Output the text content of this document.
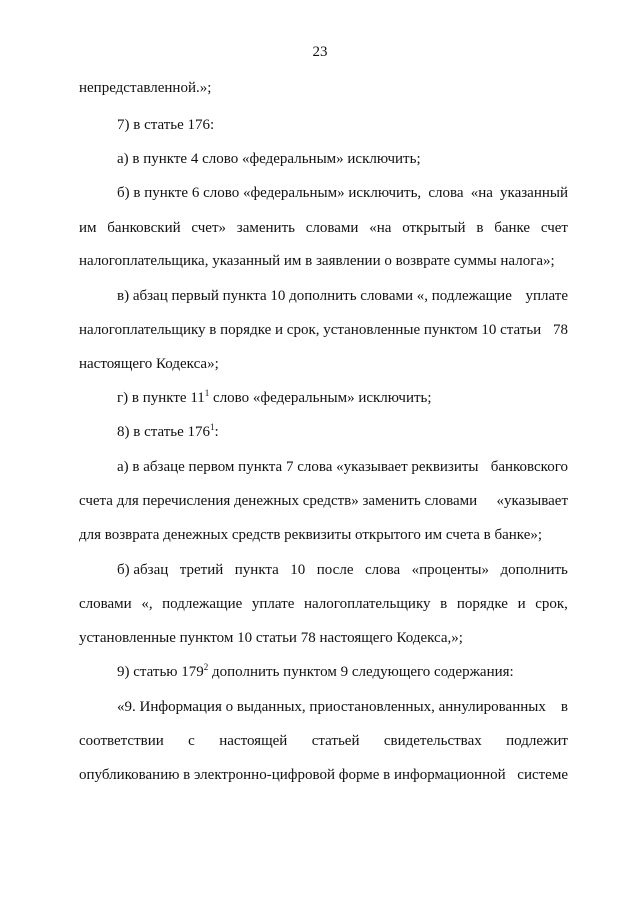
23
непредставленной.»;
7) в статье 176:
а) в пункте 4 слово «федеральным» исключить;
б) в пункте 6 слово «федеральным» исключить, слова «на указанный
им банковский счет» заменить словами «на открытый в банке счет
налогоплательщика, указанный им в заявлении о возврате суммы налога»;
в) абзац первый пункта 10 дополнить словами «, подлежащие уплате
налогоплательщику в порядке и срок, установленные пунктом 10 статьи 78
настоящего Кодекса»;
г) в пункте $11^1$ слово «федеральным» исключить;
8) в статье $176^1$:
а) в абзаце первом пункта 7 слова «указывает реквизиты банковского
счета для перечисления денежных средств» заменить словами «указывает
для возврата денежных средств реквизиты открытого им счета в банке»;
б) абзац третий пункта 10 после слова «проценты» дополнить
словами «, подлежащие уплате налогоплательщику в порядке и срок,
установленные пунктом 10 статьи 78 настоящего Кодекса,»;
9) статью $179^2$ дополнить пунктом 9 следующего содержания:
«9. Информация о выданных, приостановленных, аннулированных в
соответствии с настоящей статьей свидетельствах подлежит
опубликованию в электронно-цифровой форме в информационной системе
